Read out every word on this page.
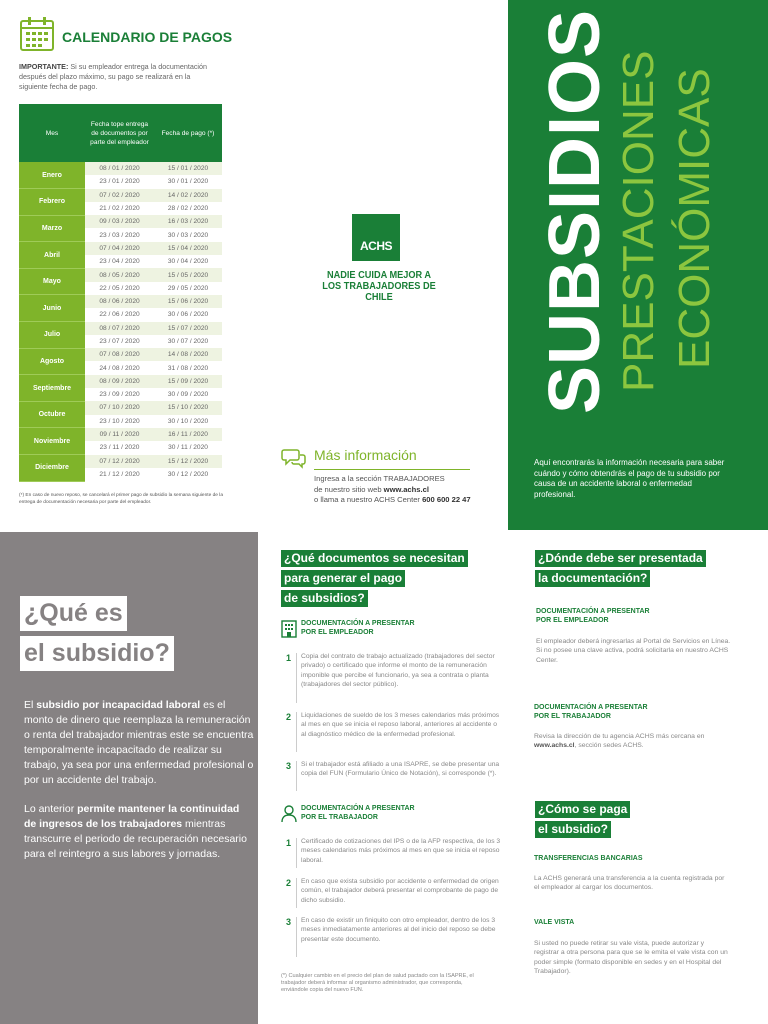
CALENDARIO DE PAGOS
IMPORTANTE: Si su empleador entrega la documentación después del plazo máximo, su pago se realizará en la siguiente fecha de pago.
Mes	Fecha tope entrega de documentos por parte del empleador	Fecha de pago (*)
Enero	08 / 01 / 2020	15 / 01 / 2020
	23 / 01 / 2020	30 / 01 / 2020
Febrero	07 / 02 / 2020	14 / 02 / 2020
	21 / 02 / 2020	28 / 02 / 2020
Marzo	09 / 03 / 2020	16 / 03 / 2020
	23 / 03 / 2020	30 / 03 / 2020
Abril	07 / 04 / 2020	15 / 04 / 2020
	23 / 04 / 2020	30 / 04 / 2020
Mayo	08 / 05 / 2020	15 / 05 / 2020
	22 / 05 / 2020	29 / 05 / 2020
Junio	08 / 06 / 2020	15 / 06 / 2020
	22 / 06 / 2020	30 / 06 / 2020
Julio	08 / 07 / 2020	15 / 07 / 2020
	23 / 07 / 2020	30 / 07 / 2020
Agosto	07 / 08 / 2020	14 / 08 / 2020
	24 / 08 / 2020	31 / 08 / 2020
Septiembre	08 / 09 / 2020	15 / 09 / 2020
	23 / 09 / 2020	30 / 09 / 2020
Octubre	07 / 10 / 2020	15 / 10 / 2020
	23 / 10 / 2020	30 / 10 / 2020
Noviembre	09 / 11 / 2020	16 / 11 / 2020
	23 / 11 / 2020	30 / 11 / 2020
Diciembre	07 / 12 / 2020	15 / 12 / 2020
	21 / 12 / 2020	30 / 12 / 2020
(*) En caso de nuevo reposo, se cancelará el primer pago de subsidio la semana siguiente de la entrega de documentación necesaria por parte del empleador.
ACHS
NADIE CUIDA MEJOR A LOS TRABAJADORES DE CHILE
Más información
Ingresa a la sección TRABAJADORES
de nuestro sitio web www.achs.cl
o llama a nuestro ACHS Center 600 600 22 47
SUBSIDIOS PRESTACIONES ECONÓMICAS
Aquí encontrarás la información necesaria para saber cuándo y cómo obtendrás el pago de tu subsidio por causa de un accidente laboral o enfermedad profesional.
¿Qué es
el subsidio?

El subsidio por incapacidad laboral es el monto de dinero que reemplaza la remuneración o renta del trabajador mientras este se encuentra temporalmente incapacitado de realizar su trabajo, ya sea por una enfermedad profesional o por un accidente del trabajo.

Lo anterior permite mantener la continuidad de ingresos de los trabajadores mientras transcurre el periodo de recuperación necesario para el reintegro a sus labores y jornadas.

¿Qué documentos se necesitan
para generar el pago
de subsidios?
DOCUMENTACIÓN A PRESENTAR
POR EL EMPLEADOR
1 Copia del contrato de trabajo actualizado (trabajadores del sector privado) o certificado que informe el monto de la remuneración imponible que percibe el funcionario, ya sea a contrata o planta (trabajadores del sector público).
2 Liquidaciones de sueldo de los 3 meses calendarios más próximos al mes en que se inicia el reposo laboral, anteriores al accidente o al diagnóstico médico de la enfermedad profesional.
3 Si el trabajador está afiliado a una ISAPRE, se debe presentar una copia del FUN (Formulario Único de Notación), si corresponde (*).
DOCUMENTACIÓN A PRESENTAR
POR EL TRABAJADOR
1 Certificado de cotizaciones del IPS o de la AFP respectiva, de los 3 meses calendarios más próximos al mes en que se inicia el reposo laboral.
2 En caso que exista subsidio por accidente o enfermedad de origen común, el trabajador deberá presentar el comprobante de pago de dicho subsidio.
3 En caso de existir un finiquito con otro empleador, dentro de los 3 meses inmediatamente anteriores al del inicio del reposo se debe presentar este documento.
(*) Cualquier cambio en el precio del plan de salud pactado con la ISAPRE, el trabajador deberá informar al organismo administrador, que corresponda, enviándole copia del nuevo FUN.
¿Dónde debe ser presentada
la documentación?
DOCUMENTACIÓN A PRESENTAR
POR EL EMPLEADOR
El empleador deberá ingresarlas al Portal de Servicios en Línea. Si no posee una clave activa, podrá solicitarla en nuestro ACHS Center.
DOCUMENTACIÓN A PRESENTAR
POR EL TRABAJADOR
Revisa la dirección de tu agencia ACHS más cercana en www.achs.cl, sección sedes ACHS.
¿Cómo se paga
el subsidio?
TRANSFERENCIAS BANCARIAS
La ACHS generará una transferencia a la cuenta registrada por el empleador al cargar los documentos.
VALE VISTA
Si usted no puede retirar su vale vista, puede autorizar y registrar a otra persona para que se le emita el vale vista con un poder simple (formato disponible en sedes y en el Hospital del Trabajador).
